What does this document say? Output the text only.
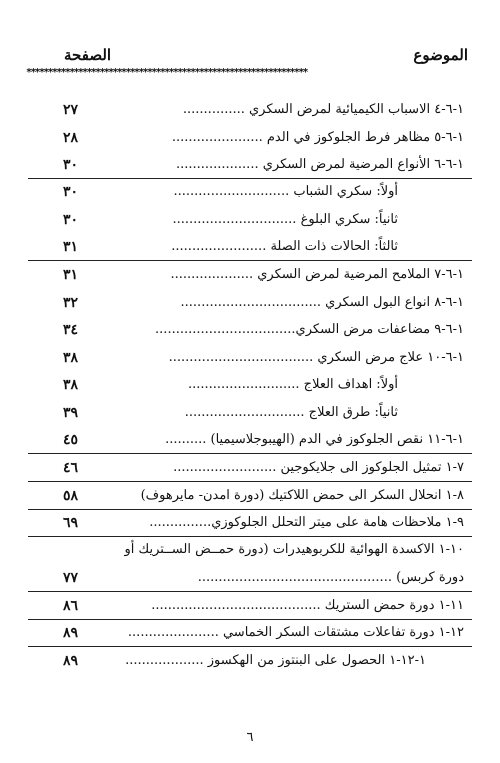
الموضوع
الصفحة
*****************************************************************
١-٦-٤ الاسباب الكيميائية لمرض السكري ...............
٢٧
١-٦-٥ مظاهر فرط الجلوكوز في الدم ......................
٢٨
١-٦-٦ الأنواع المرضية لمرض السكري ....................
٣٠
أولاً: سكري الشباب ............................
٣٠
ثانياً: سكري البلوغ ..............................
٣٠
ثالثاً: الحالات ذات الصلة .......................
٣١
١-٦-٧ الملامح المرضية لمرض السكري ....................
٣١
١-٦-٨ انواع البول السكري ..................................
٣٢
١-٦-٩ مضاعفات مرض السكري..................................
٣٤
١-٦-١٠ علاج مرض السكري ...................................
٣٨
أولاً: اهداف العلاج ...........................
٣٨
ثانياً: طرق العلاج .............................
٣٩
١-٦-١١ نقص الجلوكوز في الدم (الهيبوجلاسيميا) ..........
٤٥
٧-١ تمثيل الجلوكوز الى جلايكوجين .........................
٤٦
٨-١ انحلال السكر الى حمض اللاكتيك (دورة امدن- مايرهوف)
٥٨
٩-١ ملاحظات هامة على ميتر التحلل الجلوكوزي...............
٦٩
١٠-١ الاكسدة الهوائية للكربوهيدرات (دورة حمــض الســتريك أو
دورة كربس) ...............................................
٧٧
١١-١ دورة حمض الستريك .........................................
٨٦
١٢-١ دورة تفاعلات مشتقات السكر الخماسي ......................
٨٩
١-١٢-١ الحصول على البنتوز من الهكسوز ...................
٨٩
٦
